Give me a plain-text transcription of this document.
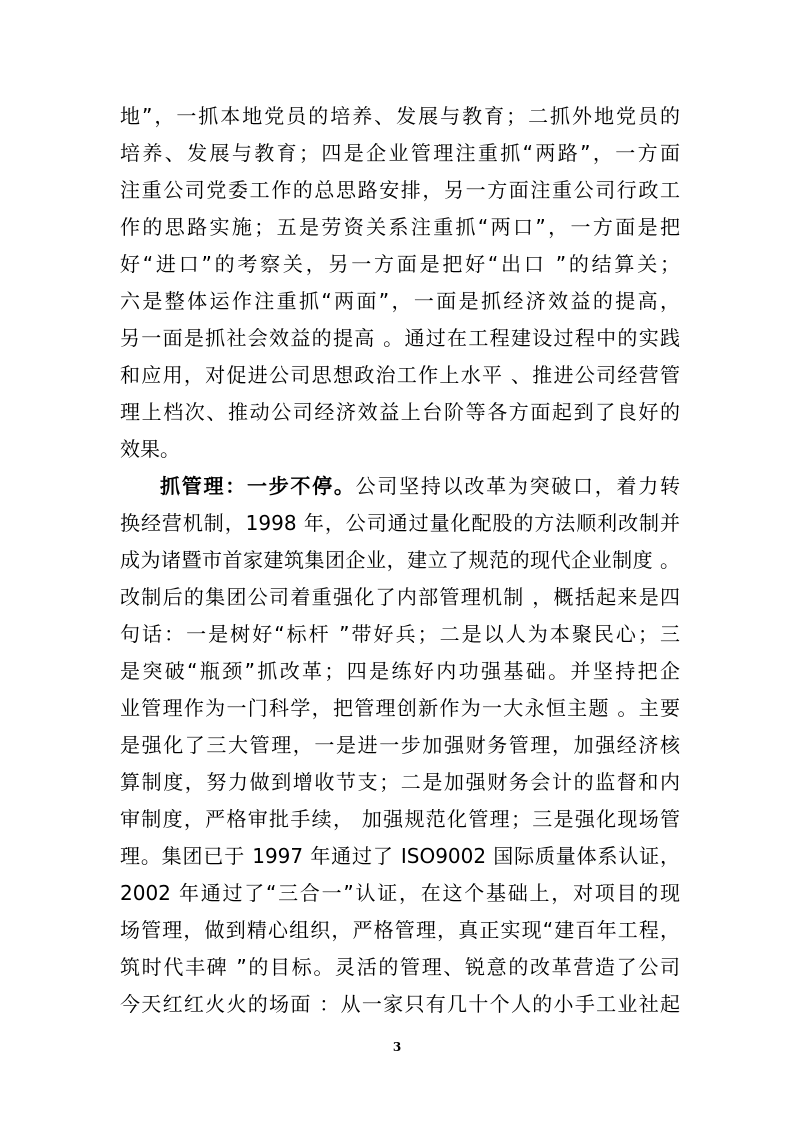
地”，一抓本地党员的培养、发展与教育；二抓外地党员的
培养、发展与教育；四是企业管理注重抓“两路”，一方面
注重公司党委工作的总思路安排，另一方面注重公司行政工
作的思路实施；五是劳资关系注重抓“两口”，一方面是把
好“进口”的考察关，另一方面是把好“出口 ”的结算关；
六是整体运作注重抓“两面”，一面是抓经济效益的提高，
另一面是抓社会效益的提高 。通过在工程建设过程中的实践
和应用，对促进公司思想政治工作上水平 、推进公司经营管
理上档次、推动公司经济效益上台阶等各方面起到了良好的
效果。
抓管理：一步不停。公司坚持以改革为突破口，着力转
换经营机制，1998 年，公司通过量化配股的方法顺利改制并
成为诸暨市首家建筑集团企业，建立了规范的现代企业制度 。
改制后的集团公司着重强化了内部管理机制 ，概括起来是四
句话：一是树好“标杆 ”带好兵；二是以人为本聚民心；三
是突破“瓶颈”抓改革；四是练好内功强基础。并坚持把企
业管理作为一门科学，把管理创新作为一大永恒主题 。主要
是强化了三大管理，一是进一步加强财务管理，加强经济核
算制度，努力做到增收节支；二是加强财务会计的监督和内
审制度，严格审批手续， 加强规范化管理；三是强化现场管
理。集团已于 1997 年通过了 ISO9002 国际质量体系认证，
2002 年通过了“三合一”认证，在这个基础上，对项目的现
场管理，做到精心组织，严格管理，真正实现“建百年工程，
筑时代丰碑 ”的目标。灵活的管理、锐意的改革营造了公司
今天红红火火的场面 ：从一家只有几十个人的小手工业社起
3
